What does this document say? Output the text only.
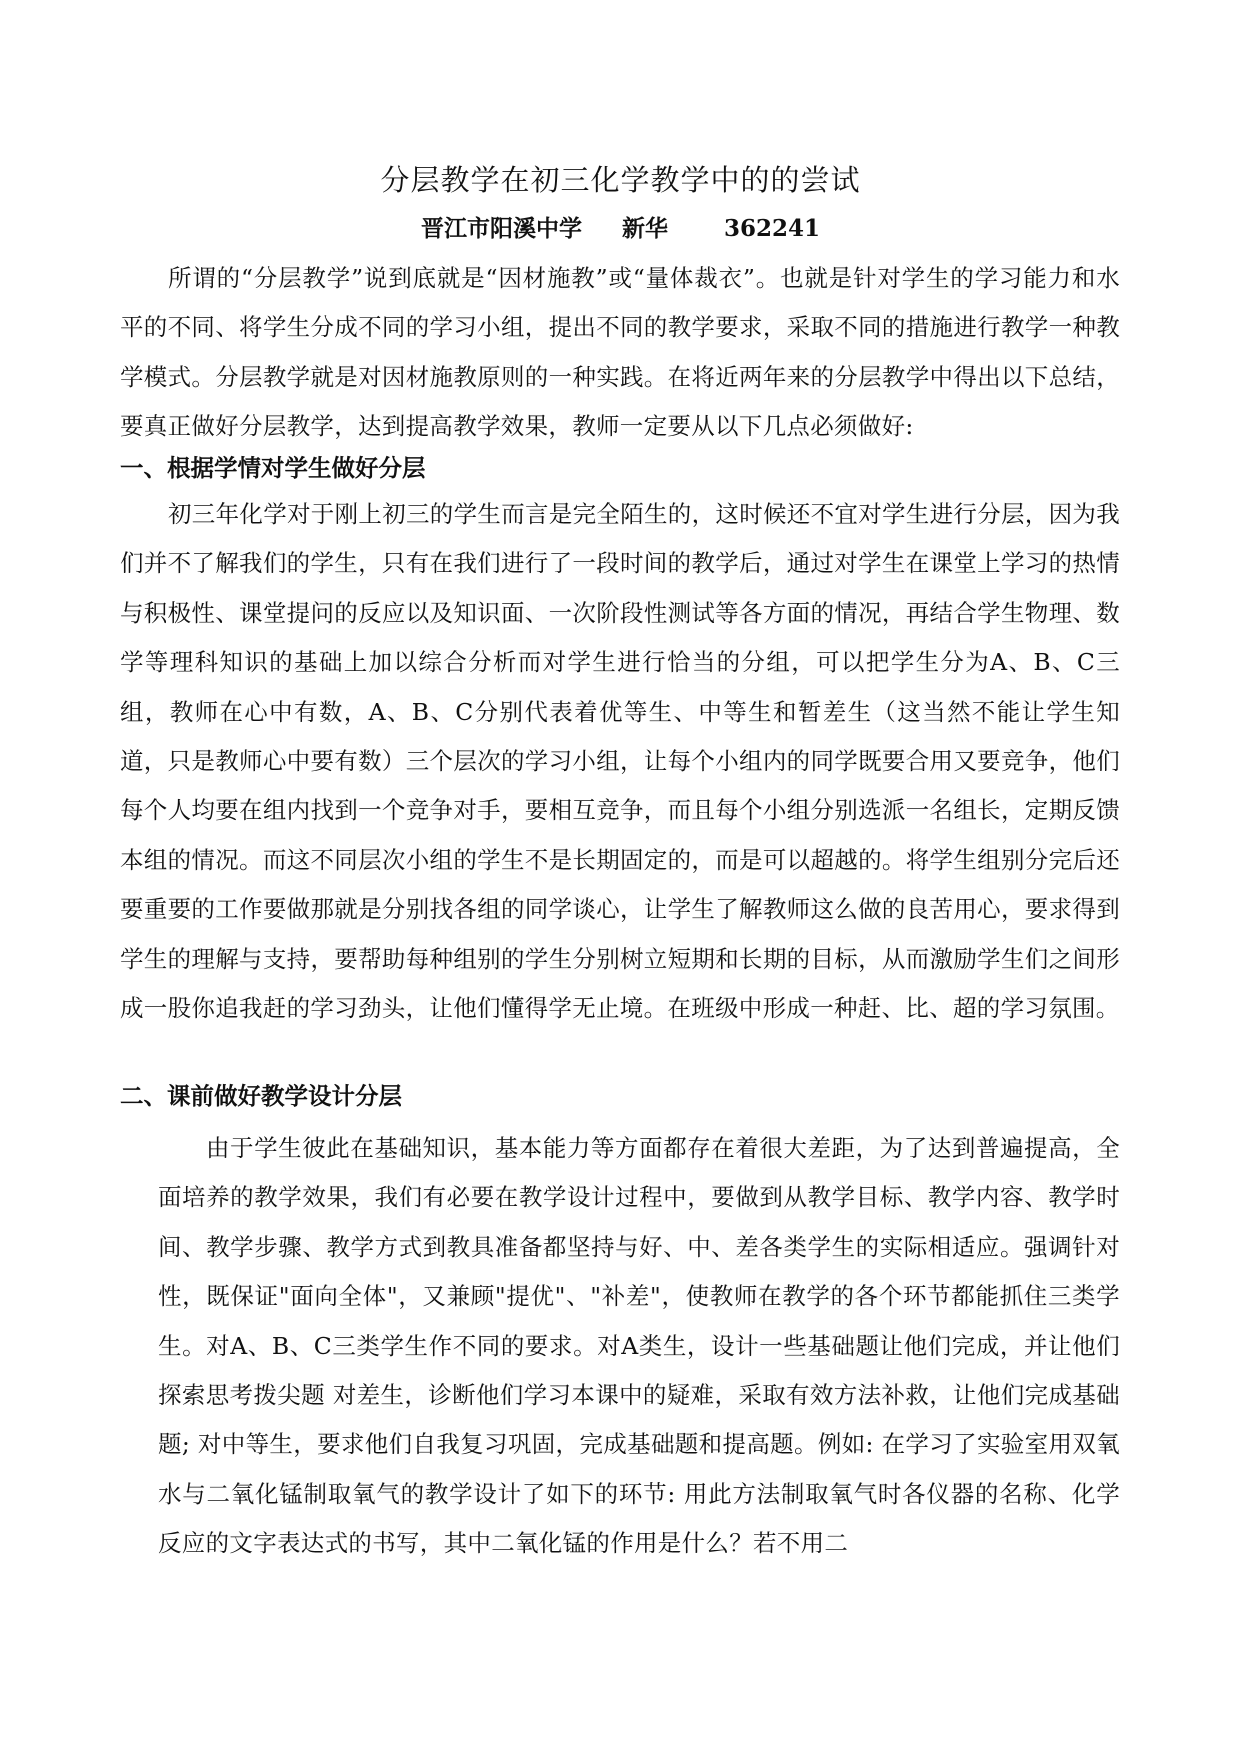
分层教学在初三化学教学中的的尝试

晋江市阳溪中学 新华 362241

所谓的“分层教学”说到底就是“因材施教”或“量体裁衣”。也就是针对学生的学习能力和水平的不同、将学生分成不同的学习小组，提出不同的教学要求，采取不同的措施进行教学一种教学模式。分层教学就是对因材施教原则的一种实践。在将近两年来的分层教学中得出以下总结，要真正做好分层教学，达到提高教学效果，教师一定要从以下几点必须做好:

一、根据学情对学生做好分层

初三年化学对于刚上初三的学生而言是完全陌生的，这时候还不宜对学生进行分层，因为我们并不了解我们的学生，只有在我们进行了一段时间的教学后，通过对学生在课堂上学习的热情与积极性、课堂提问的反应以及知识面、一次阶段性测试等各方面的情况，再结合学生物理、数学等理科知识的基础上加以综合分析而对学生进行恰当的分组，可以把学生分为A、B、C三组，教师在心中有数，A、B、C分别代表着优等生、中等生和暂差生（这当然不能让学生知道，只是教师心中要有数）三个层次的学习小组，让每个小组内的同学既要合用又要竞争，他们每个人均要在组内找到一个竞争对手，要相互竞争，而且每个小组分别选派一名组长，定期反馈本组的情况。而这不同层次小组的学生不是长期固定的，而是可以超越的。将学生组别分完后还要重要的工作要做那就是分别找各组的同学谈心，让学生了解教师这么做的良苦用心，要求得到学生的理解与支持，要帮助每种组别的学生分别树立短期和长期的目标，从而激励学生们之间形成一股你追我赶的学习劲头，让他们懂得学无止境。在班级中形成一种赶、比、超的学习氛围。

二、课前做好教学设计分层

由于学生彼此在基础知识，基本能力等方面都存在着很大差距，为了达到普遍提高，全面培养的教学效果，我们有必要在教学设计过程中，要做到从教学目标、教学内容、教学时间、教学步骤、教学方式到教具准备都坚持与好、中、差各类学生的实际相适应。强调针对性，既保证"面向全体"，又兼顾"提优"、"补差"，使教师在教学的各个环节都能抓住三类学生。对A、B、C三类学生作不同的要求。对A类生，设计一些基础题让他们完成，并让他们探索思考拨尖题 对差生，诊断他们学习本课中的疑难，采取有效方法补救，让他们完成基础题; 对中等生，要求他们自我复习巩固，完成基础题和提高题。例如: 在学习了实验室用双氧水与二氧化锰制取氧气的教学设计了如下的环节: 用此方法制取氧气时各仪器的名称、化学反应的文字表达式的书写，其中二氧化锰的作用是什么？若不用二
